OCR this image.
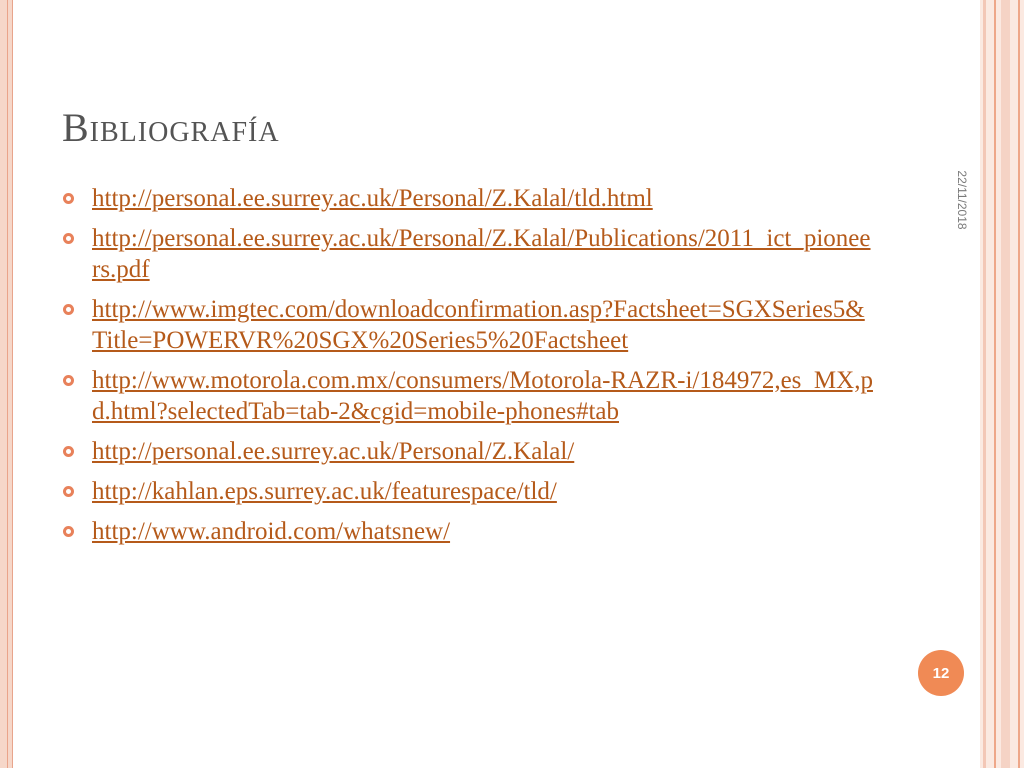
Bibliografía
22/11/2018
http://personal.ee.surrey.ac.uk/Personal/Z.Kalal/tld.html
http://personal.ee.surrey.ac.uk/Personal/Z.Kalal/Publications/2011_ict_pioneers.pdf
http://www.imgtec.com/downloadconfirmation.asp?Factsheet=SGXSeries5&Title=POWERVR%20SGX%20Series5%20Factsheet
http://www.motorola.com.mx/consumers/Motorola-RAZR-i/184972,es_MX,pd.html?selectedTab=tab-2&cgid=mobile-phones#tab
http://personal.ee.surrey.ac.uk/Personal/Z.Kalal/
http://kahlan.eps.surrey.ac.uk/featurespace/tld/
http://www.android.com/whatsnew/
12
